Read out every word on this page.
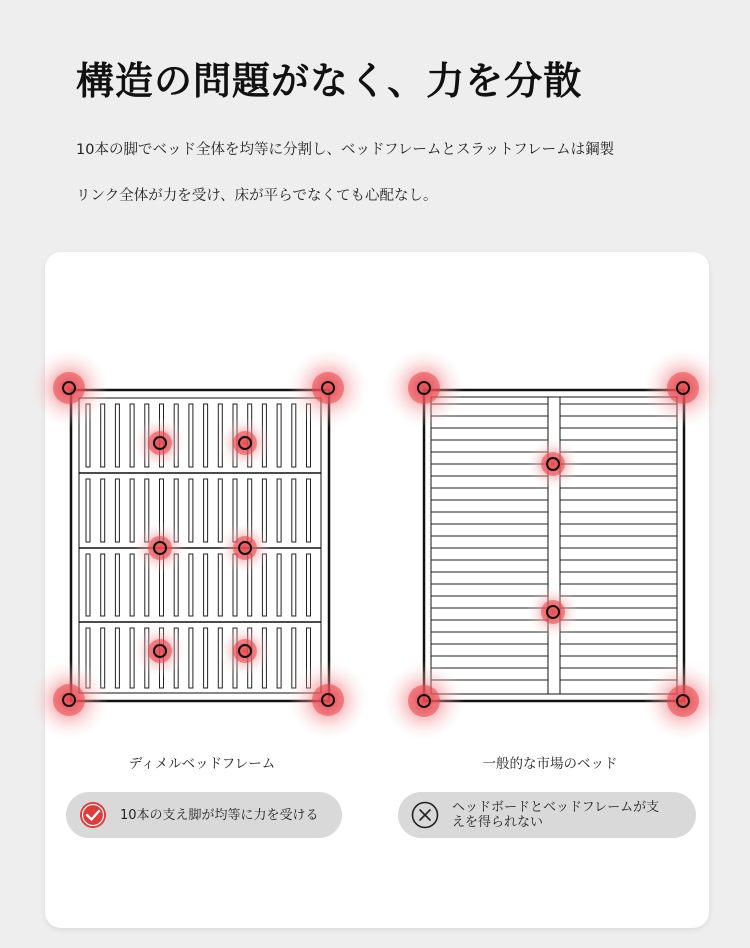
構造の問題がなく、力を分散

10本の脚でベッド全体を均等に分割し、ベッドフレームとスラットフレームは鋼製

リンク全体が力を受け、床が平らでなくても心配なし。

ディメルベッドフレーム	一般的な市場のベッド

10本の支え脚が均等に力を受ける	ヘッドボードとベッドフレームが支
えを得られない
